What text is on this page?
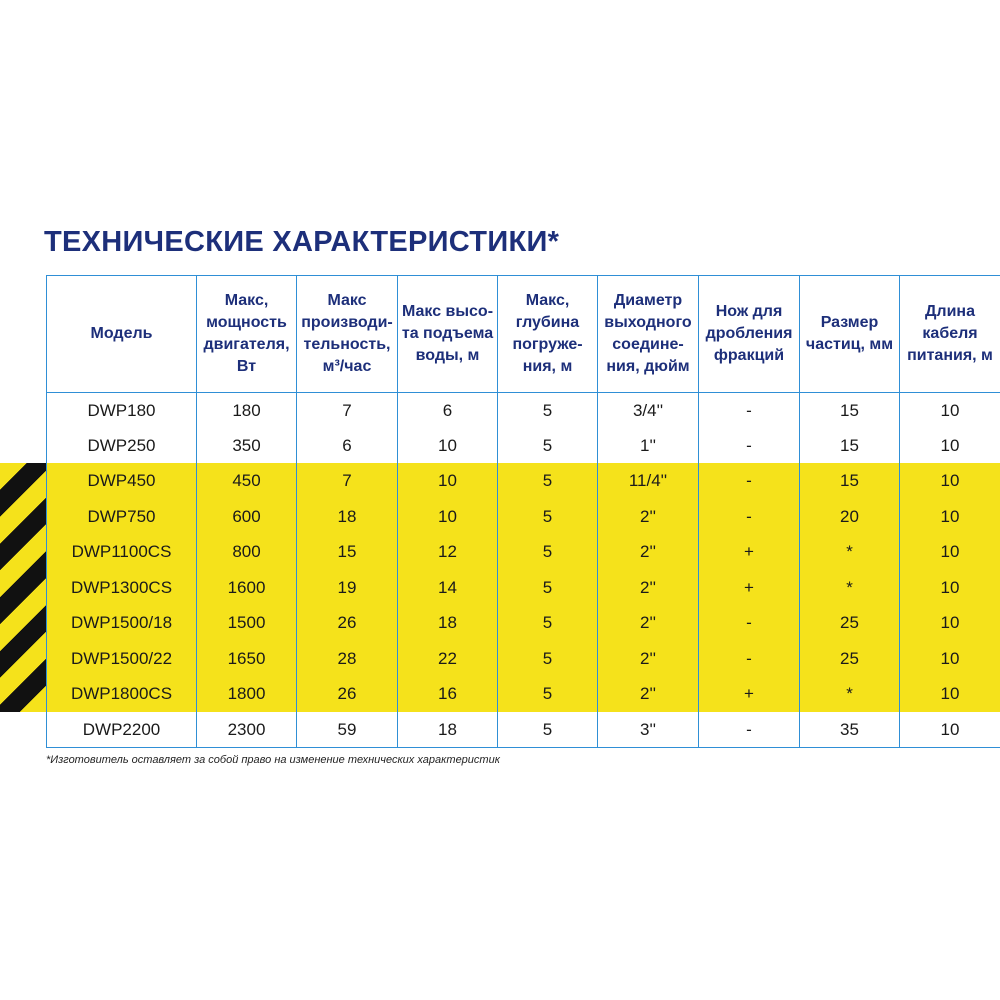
ТЕХНИЧЕСКИЕ ХАРАКТЕРИСТИКИ*
Модель	Макс,
мощность
двигателя,
Вт	Макс
производи-
тельность,
м³/час	Макс высо-
та подъема
воды, м	Макс,
глубина
погруже-
ния, м	Диаметр
выходного
соедине-
ния, дюйм	Нож для
дробления
фракций	Размер
частиц, мм	Длина
кабеля
питания, м

DWP180	180	7	6	5	3/4''	-	15	10
DWP250	350	6	10	5	1''	-	15	10
DWP450	450	7	10	5	11/4''	-	15	10
DWP750	600	18	10	5	2''	-	20	10
DWP1100CS	800	15	12	5	2''	+	*	10
DWP1300CS	1600	19	14	5	2''	+	*	10
DWP1500/18	1500	26	18	5	2''	-	25	10
DWP1500/22	1650	28	22	5	2''	-	25	10
DWP1800CS	1800	26	16	5	2''	+	*	10
DWP2200	2300	59	18	5	3''	-	35	10

*Изготовитель оставляет за собой право на изменение технических характеристик
